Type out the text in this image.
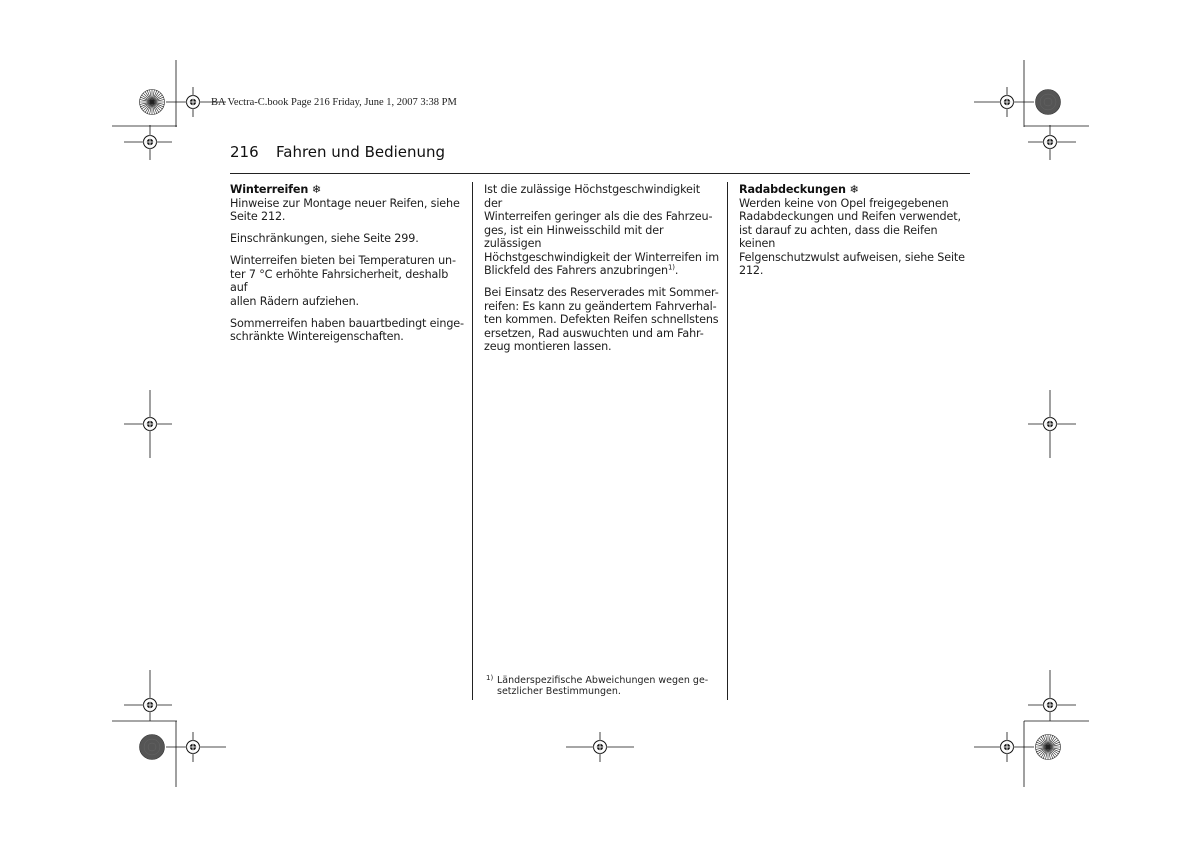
BA Vectra-C.book Page 216 Friday, June 1, 2007 3:38 PM
216 Fahren und Bedienung
Winterreifen ❄

Hinweise zur Montage neuer Reifen, siehe
Seite 212.

Einschränkungen, siehe Seite 299.

Winterreifen bieten bei Temperaturen un-
ter 7 °C erhöhte Fahrsicherheit, deshalb auf
allen Rädern aufziehen.

Sommerreifen haben bauartbedingt einge-
schränkte Wintereigenschaften.

Ist die zulässige Höchstgeschwindigkeit der
Winterreifen geringer als die des Fahrzeu-
ges, ist ein Hinweisschild mit der zulässigen
Höchstgeschwindigkeit der Winterreifen im
Blickfeld des Fahrers anzubringen$^{1)}$.

Bei Einsatz des Reserverades mit Sommer-
reifen: Es kann zu geändertem Fahrverhal-
ten kommen. Defekten Reifen schnellstens
ersetzen, Rad auswuchten und am Fahr-
zeug montieren lassen.

1) Länderspezifische Abweichungen wegen ge-
setzlicher Bestimmungen.
Radabdeckungen ❄

Werden keine von Opel freigegebenen
Radabdeckungen und Reifen verwendet,
ist darauf zu achten, dass die Reifen keinen
Felgenschutzwulst aufweisen, siehe Seite
212.
